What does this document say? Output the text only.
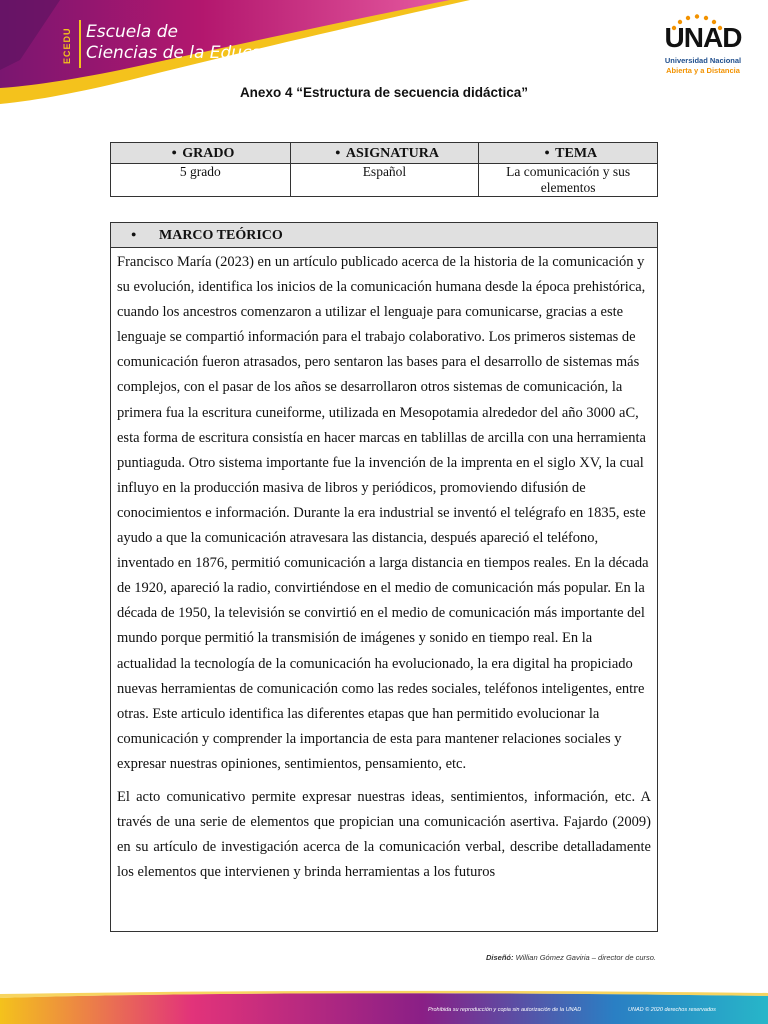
ECEDU Escuela de
Ciencias de la Educación	UNAD
Universidad Nacional
Abierta y a Distancia
Anexo 4 “Estructura de secuencia didáctica”
● GRADO	● ASIGNATURA	● TEMA
5 grado	Español	La comunicación y sus elementos
● MARCO TEÓRICO

Francisco María (2023) en un artículo publicado acerca de la historia de la comunicación y su evolución, identifica los inicios de la comunicación humana desde la época prehistórica, cuando los ancestros comenzaron a utilizar el lenguaje para comunicarse, gracias a este lenguaje se compartió información para el trabajo colaborativo. Los primeros sistemas de comunicación fueron atrasados, pero sentaron las bases para el desarrollo de sistemas más complejos, con el pasar de los años se desarrollaron otros sistemas de comunicación, la primera fua la escritura cuneiforme, utilizada en Mesopotamia alrededor del año 3000 aC, esta forma de escritura consistía en hacer marcas en tablillas de arcilla con una herramienta puntiaguda. Otro sistema importante fue la invención de la imprenta en el siglo XV, la cual influyo en la producción masiva de libros y periódicos, promoviendo difusión de conocimientos e información. Durante la era industrial se inventó el telégrafo en 1835, este ayudo a que la comunicación atravesara las distancia, después apareció el teléfono, inventado en 1876, permitió comunicación a larga distancia en tiempos reales. En la década de 1920, apareció la radio, convirtiéndose en el medio de comunicación más popular. En la década de 1950, la televisión se convirtió en el medio de comunicación más importante del mundo porque permitió la transmisión de imágenes y sonido en tiempo real. En la actualidad la tecnología de la comunicación ha evolucionado, la era digital ha propiciado nuevas herramientas de comunicación como las redes sociales, teléfonos inteligentes, entre otras. Este articulo identifica las diferentes etapas que han permitido evolucionar la comunicación y comprender la importancia de esta para mantener relaciones sociales y expresar nuestras opiniones, sentimientos, pensamiento, etc.

El acto comunicativo permite expresar nuestras ideas, sentimientos, información, etc. A través de una serie de elementos que propician una comunicación asertiva. Fajardo (2009) en su artículo de investigación acerca de la comunicación verbal, describe detalladamente los elementos que intervienen y brinda herramientas a los futuros

Diseñó: Willian Gómez Gaviria – director de curso.
Prohibida su reproducción y copia sin autorización de la UNAD	UNAD © 2020 derechos reservados
